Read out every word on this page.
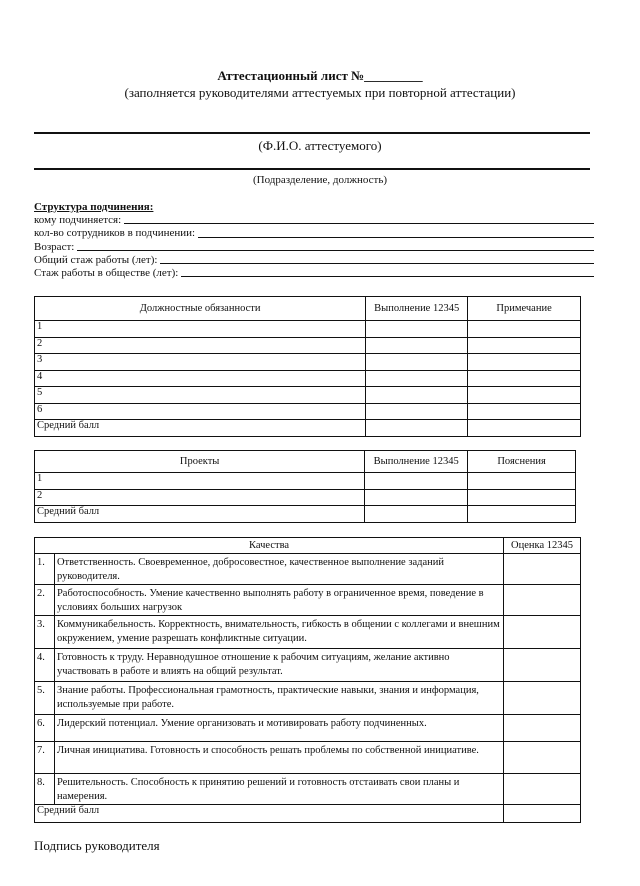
Аттестационный лист №_________
(заполняется руководителями аттестуемых при повторной аттестации)
(Ф.И.О. аттестуемого)
(Подразделение, должность)
Структура подчинения:
кому подчиняется:
кол-во сотрудников в подчинении:
Возраст:
Общий стаж работы (лет):
Стаж работы в обществе (лет):
Должностные обязанности	Выполнение 12345	Примечание
1		
2		
3		
4		
5		
6		
Средний балл		
Проекты	Выполнение 12345	Пояснения
1		
2		
Средний балл		
Качества		Оценка 12345
1.	Ответственность. Своевременное, добросовестное, качественное выполнение заданий руководителя.	
2.	Работоспособность. Умение качественно выполнять работу в ограниченное время, поведение в условиях больших нагрузок	
3.	Коммуникабельность. Корректность, внимательность, гибкость в общении с коллегами и внешним окружением, умение разрешать конфликтные ситуации.	
4.	Готовность к труду. Неравнодушное отношение к рабочим ситуациям, желание активно участвовать в работе и влиять на общий результат.	
5.	Знание работы. Профессиональная грамотность, практические навыки, знания и информация, используемые при работе.	
6.	Лидерский потенциал. Умение организовать и мотивировать работу подчиненных.	
7.	Личная инициатива. Готовность и способность решать проблемы по собственной инициативе.	
8.	Решительность. Способность к принятию решений и готовность отстаивать свои планы и намерения.	
Средний балл		
Подпись руководителя
